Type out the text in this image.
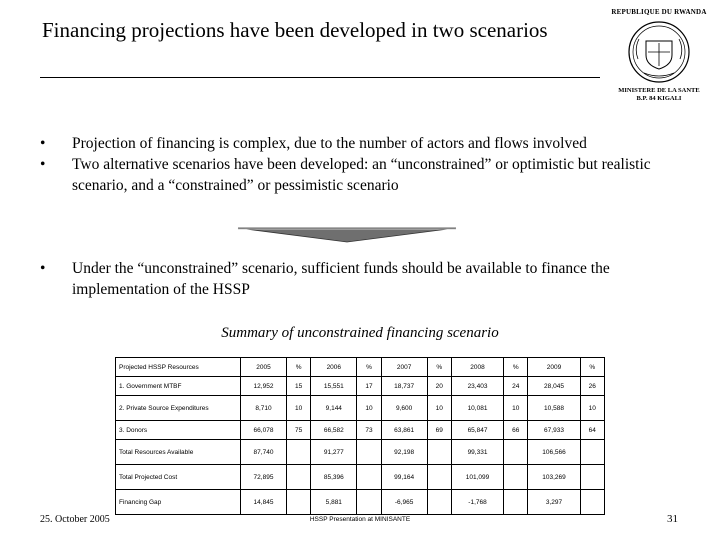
Financing projections have been developed in two scenarios
REPUBLIQUE DU RWANDA
MINISTERE DE LA SANTE
B.P. 84 KIGALI
• Projection of financing is complex, due to the number of actors and flows involved
• Two alternative scenarios have been developed: an “unconstrained” or optimistic but realistic scenario, and a “constrained” or pessimistic scenario
• Under the “unconstrained” scenario, sufficient funds should be available to finance the implementation of the HSSP
Summary of unconstrained financing scenario
Projected HSSP Resources	2005	%	2006	%	2007	%	2008	%	2009	%
1. Government MTBF	12,952	15	15,551	17	18,737	20	23,403	24	28,045	26
2. Private Source Expenditures	8,710	10	9,144	10	9,600	10	10,081	10	10,588	10
3. Donors	66,078	75	66,582	73	63,861	69	65,847	66	67,933	64
Total Resources Available	87,740		91,277		92,198		99,331		106,566	
Total Projected Cost	72,895		85,396		99,164		101,099		103,269	
Financing Gap	14,845		5,881		-6,965		-1,768		3,297	
25. October 2005	HSSP Presentation at MINISANTE	31
